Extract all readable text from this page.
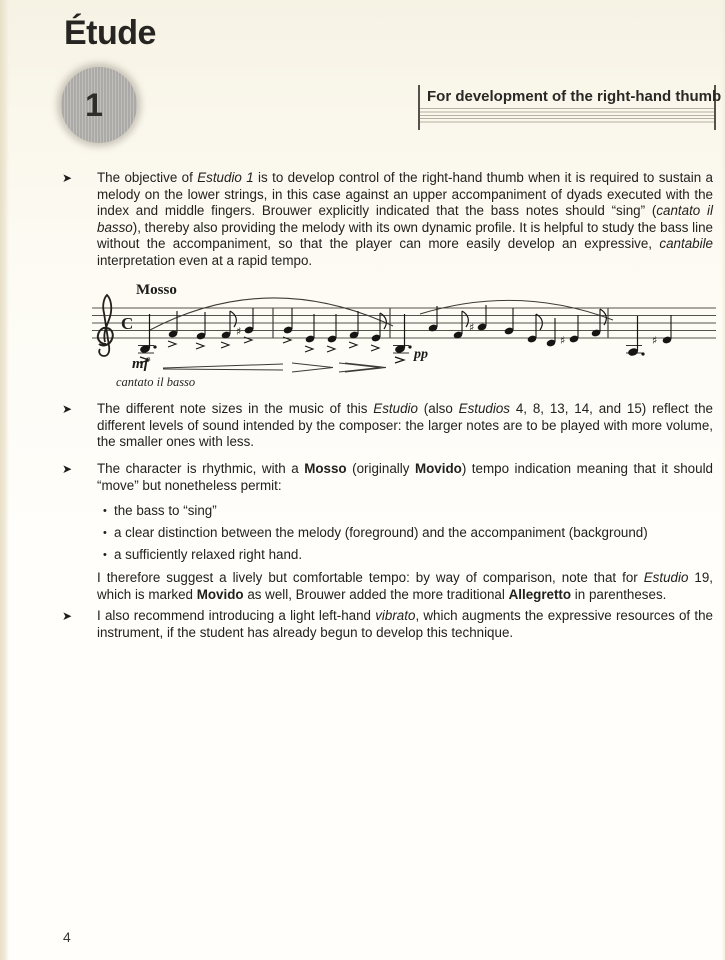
Étude
1	For development of the right-hand thumb
➤	The objective of Estudio 1 is to develop control of the right-hand thumb when it is required to sustain a melody on the lower strings, in this case against an upper accompaniment of dyads executed with the index and middle fingers. Brouwer explicitly indicated that the bass notes should “sing” (cantato il basso), thereby also providing the melody with its own dynamic profile. It is helpful to study the bass line without the accompaniment, so that the player can more easily develop an expressive, cantabile interpretation even at a rapid tempo.
Mosso
C	♯	♯
♯	♯
mf
pp
cantato il basso
➤	The different note sizes in the music of this Estudio (also Estudios 4, 8, 13, 14, and 15) reflect the different levels of sound intended by the composer: the larger notes are to be played with more volume, the smaller ones with less.
➤	The character is rhythmic, with a Mosso (originally Movido) tempo indication meaning that it should “move” but nonetheless permit:
• the bass to “sing”
• a clear distinction between the melody (foreground) and the accompaniment (background)
• a sufficiently relaxed right hand.
I therefore suggest a lively but comfortable tempo: by way of comparison, note that for Estudio 19, which is marked Movido as well, Brouwer added the more traditional Allegretto in parentheses.
➤	I also recommend introducing a light left-hand vibrato, which augments the expressive resources of the instrument, if the student has already begun to develop this technique.
4
